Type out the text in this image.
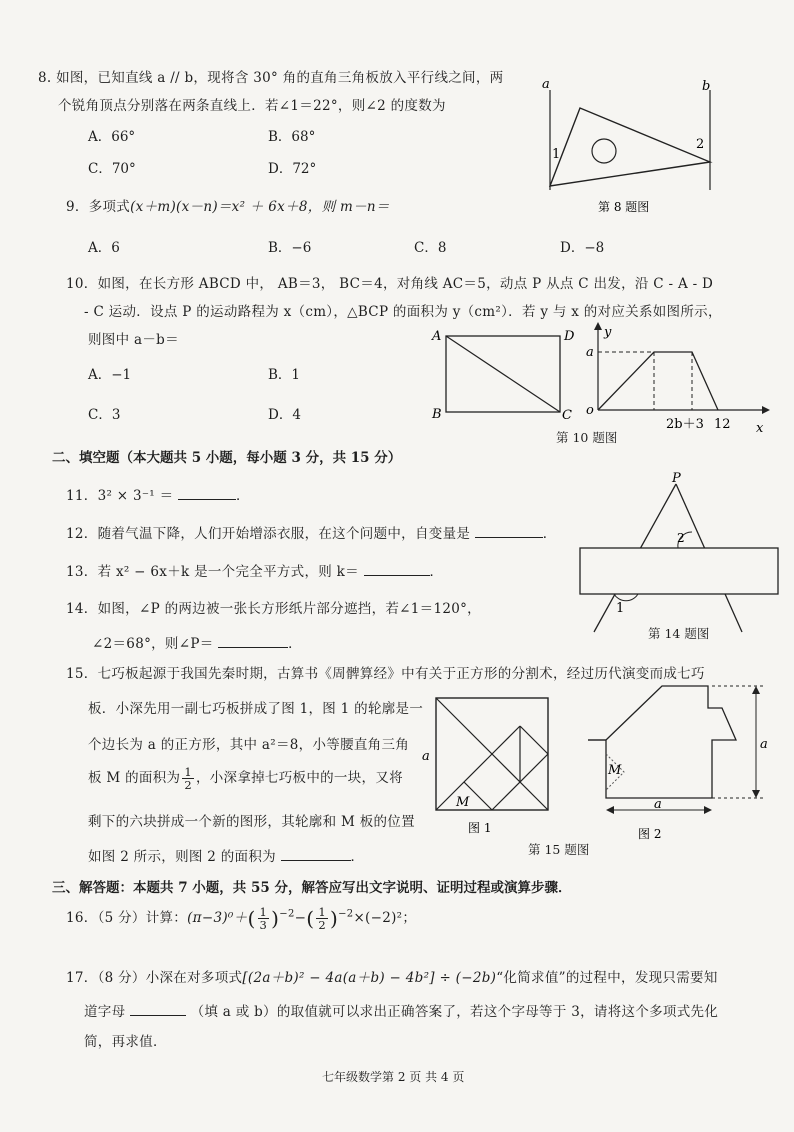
8. 如图，已知直线 a // b，现将含 30° 角的直角三角板放入平行线之间，两
个锐角顶点分别落在两条直线上．若∠1＝22°，则∠2 的度数为
A．66°	B．68°
C．70°	D．72°
a	b
1
2
第 8 题图
9．多项式(x＋m)(x－n)＝x² ＋ 6x＋8，则 m－n＝
A．6	B．−6	C．8	D．−8
10．如图，在长方形 ABCD 中， AB＝3， BC＝4，对角线 AC＝5，动点 P 从点 C 出发，沿 C - A - D
- C 运动．设点 P 的运动路程为 x（cm），△BCP 的面积为 y（cm²）．若 y 与 x 的对应关系如图所示，
则图中 a－b＝
A．−1	B．1
C．3	D．4
A	D
B	C
y
a
o
2b＋3 12 x
第 10 题图
二、填空题（本大题共 5 小题，每小题 3 分，共 15 分）
11．3² × 3⁻¹ ＝	．
12．随着气温下降，人们开始增添衣服，在这个问题中，自变量是	．
13．若 x² − 6x＋k 是一个完全平方式，则 k＝	．
14．如图，∠P 的两边被一张长方形纸片部分遮挡，若∠1＝120°，
∠2＝68°，则∠P＝	．
P
1
2
第 14 题图
15．七巧板起源于我国先秦时期，古算书《周髀算经》中有关于正方形的分割术，经过历代演变而成七巧
板．小深先用一副七巧板拼成了图 1，图 1 的轮廓是一
个边长为 a 的正方形，其中 a²＝8，小等腰直角三角
板 M 的面积为 $\frac{1}{2}$ ，小深拿掉七巧板中的一块，又将
剩下的六块拼成一个新的图形，其轮廓和 M 板的位置
如图 2 所示，则图 2 的面积为	．
a
M
图 1
第 15 题图
a
a
M
图 2
三、解答题：本题共 7 小题，共 55 分，解答应写出文字说明、证明过程或演算步骤．
16．（5 分）计算：$(\pi-3)^0+( \frac{1}{3} )^{-2}-( \frac{1}{2} )^{-2}\times(-2)^2$；
17．（8 分）小深在对多项式[(2a＋b)² − 4a(a＋b) − 4b²] ÷ (−2b)“化简求值”的过程中，发现只需要知
道字母	（填 a 或 b）的取值就可以求出正确答案了，若这个字母等于 3，请将这个多项式先化
简，再求值．
七年级数学第 2 页 共 4 页
